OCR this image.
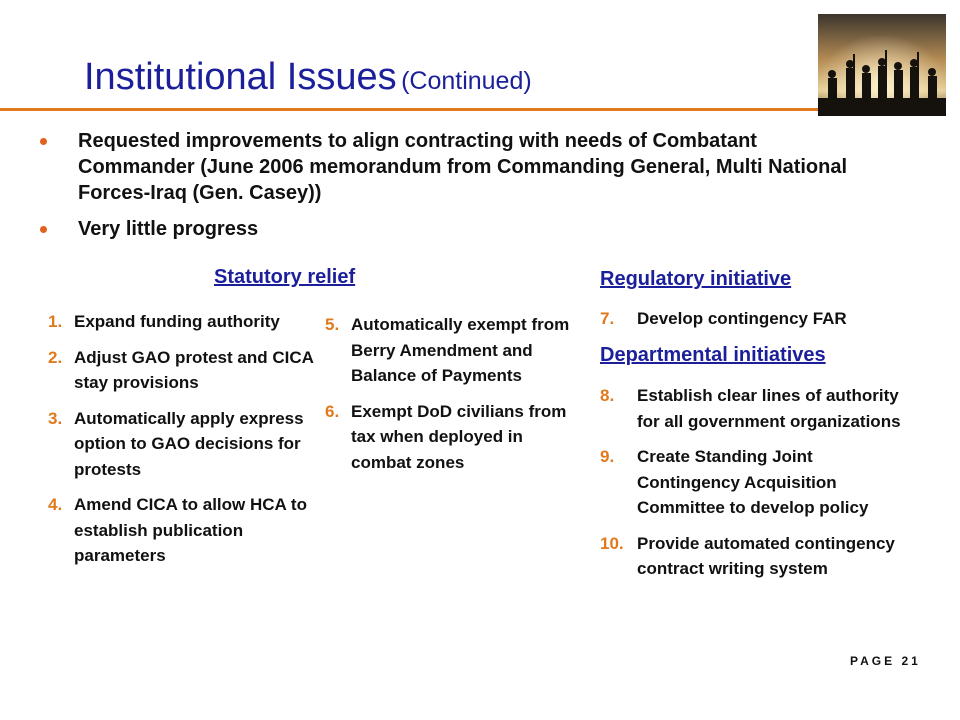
Institutional Issues (Continued)
Requested improvements to align contracting with needs of Combatant Commander (June 2006 memorandum from Commanding General, Multi National Forces-Iraq (Gen. Casey))
Very little progress
Statutory relief
1. Expand funding authority
2. Adjust GAO protest and CICA stay provisions
3. Automatically apply express option to GAO decisions for protests
4. Amend CICA to allow HCA to establish publication parameters
5. Automatically exempt from Berry Amendment and Balance of Payments
6. Exempt DoD civilians from tax when deployed in combat zones
Regulatory initiative
7. Develop contingency FAR
Departmental initiatives
8. Establish clear lines of authority for all government organizations
9. Create Standing Joint Contingency Acquisition Committee to develop policy
10. Provide automated contingency contract writing system
PAGE 21
